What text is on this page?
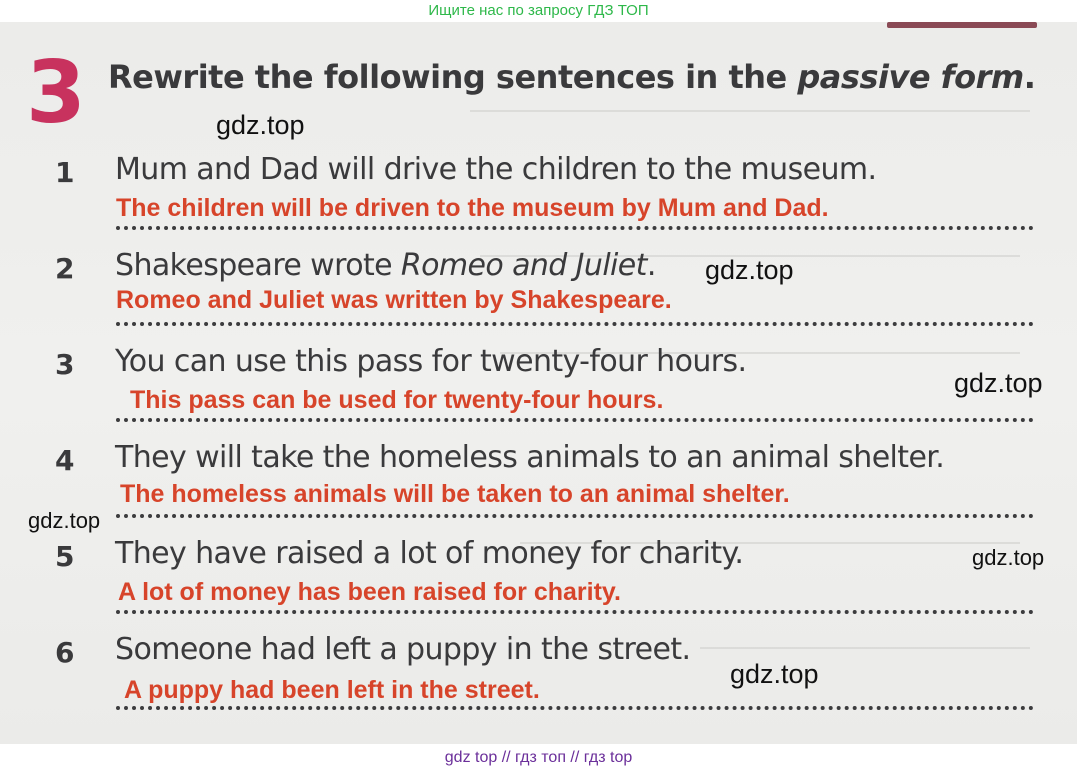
Ищите нас по запросу ГДЗ ТОП
3 Rewrite the following sentences in the passive form.
1 Mum and Dad will drive the children to the museum.
The children will be driven to the museum by Mum and Dad.
2 Shakespeare wrote Romeo and Juliet.
Romeo and Juliet was written by Shakespeare.
3 You can use this pass for twenty-four hours.
This pass can be used for twenty-four hours.
4 They will take the homeless animals to an animal shelter.
The homeless animals will be taken to an animal shelter.
5 They have raised a lot of money for charity.
A lot of money has been raised for charity.
6 Someone had left a puppy in the street.
A puppy had been left in the street.
gdz.top
gdz.top
gdz.top
gdz.top
gdz.top
gdz.top
gdz top // гдз топ // гдз top
